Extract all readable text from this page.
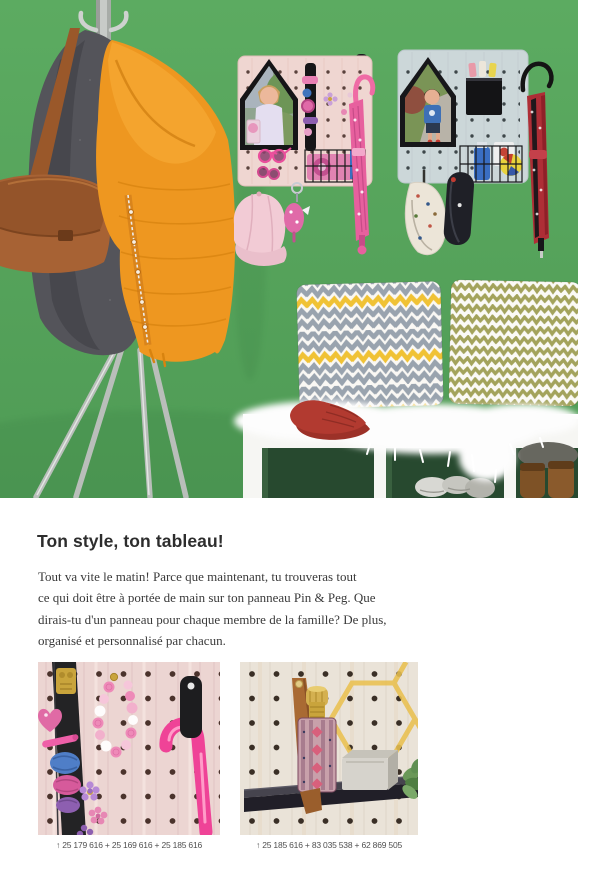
Ton style, ton tableau!
Tout va vite le matin! Parce que maintenant, tu trouveras tout
ce qui doit être à portée de main sur ton panneau Pin & Peg. Que
dirais-tu d'un panneau pour chaque membre de la famille? De plus,
organisé et personnalisé par chacun.
↑ 25 179 616 + 25 169 616 + 25 185 616	↑ 25 185 616 + 83 035 538 + 62 869 505
